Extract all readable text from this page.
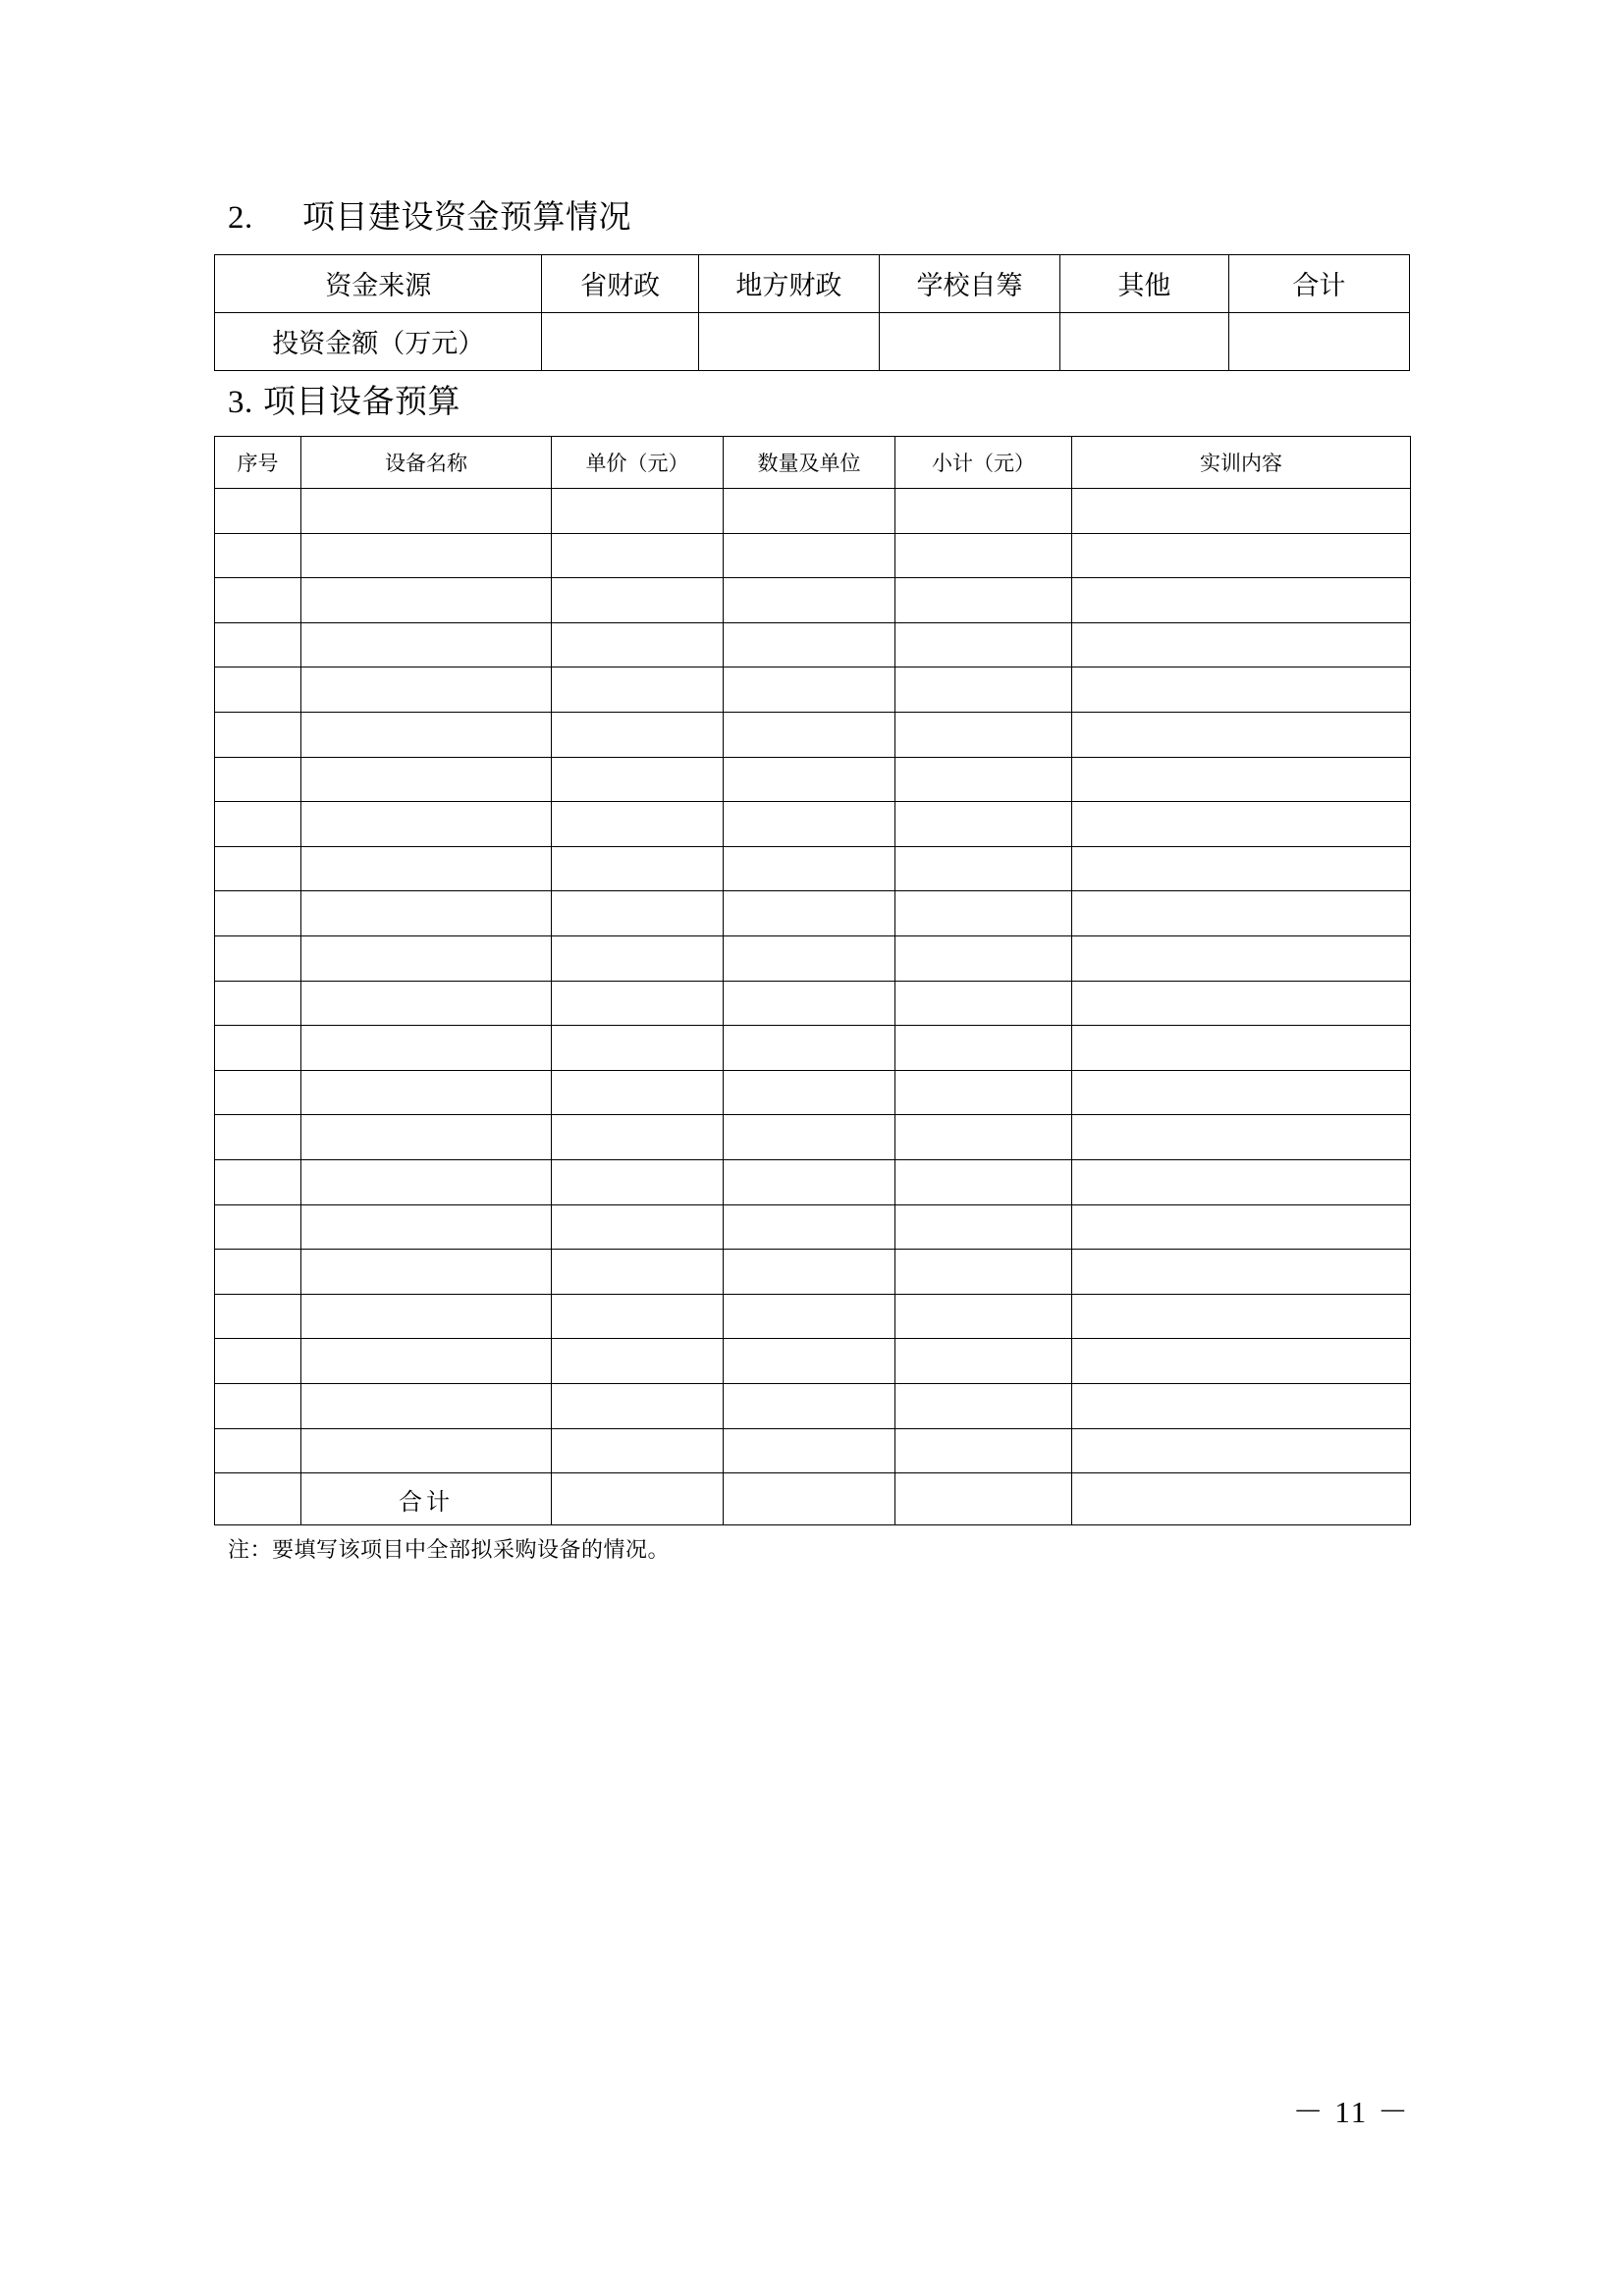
2. 项目建设资金预算情况
资金来源	省财政	地方财政	学校自筹	其他	合计
投资金额（万元）					
3. 项目设备预算
序号	设备名称	单价（元）	数量及单位	小计（元）	实训内容	

	合计					
注：要填写该项目中全部拟采购设备的情况。
－ 11 －
